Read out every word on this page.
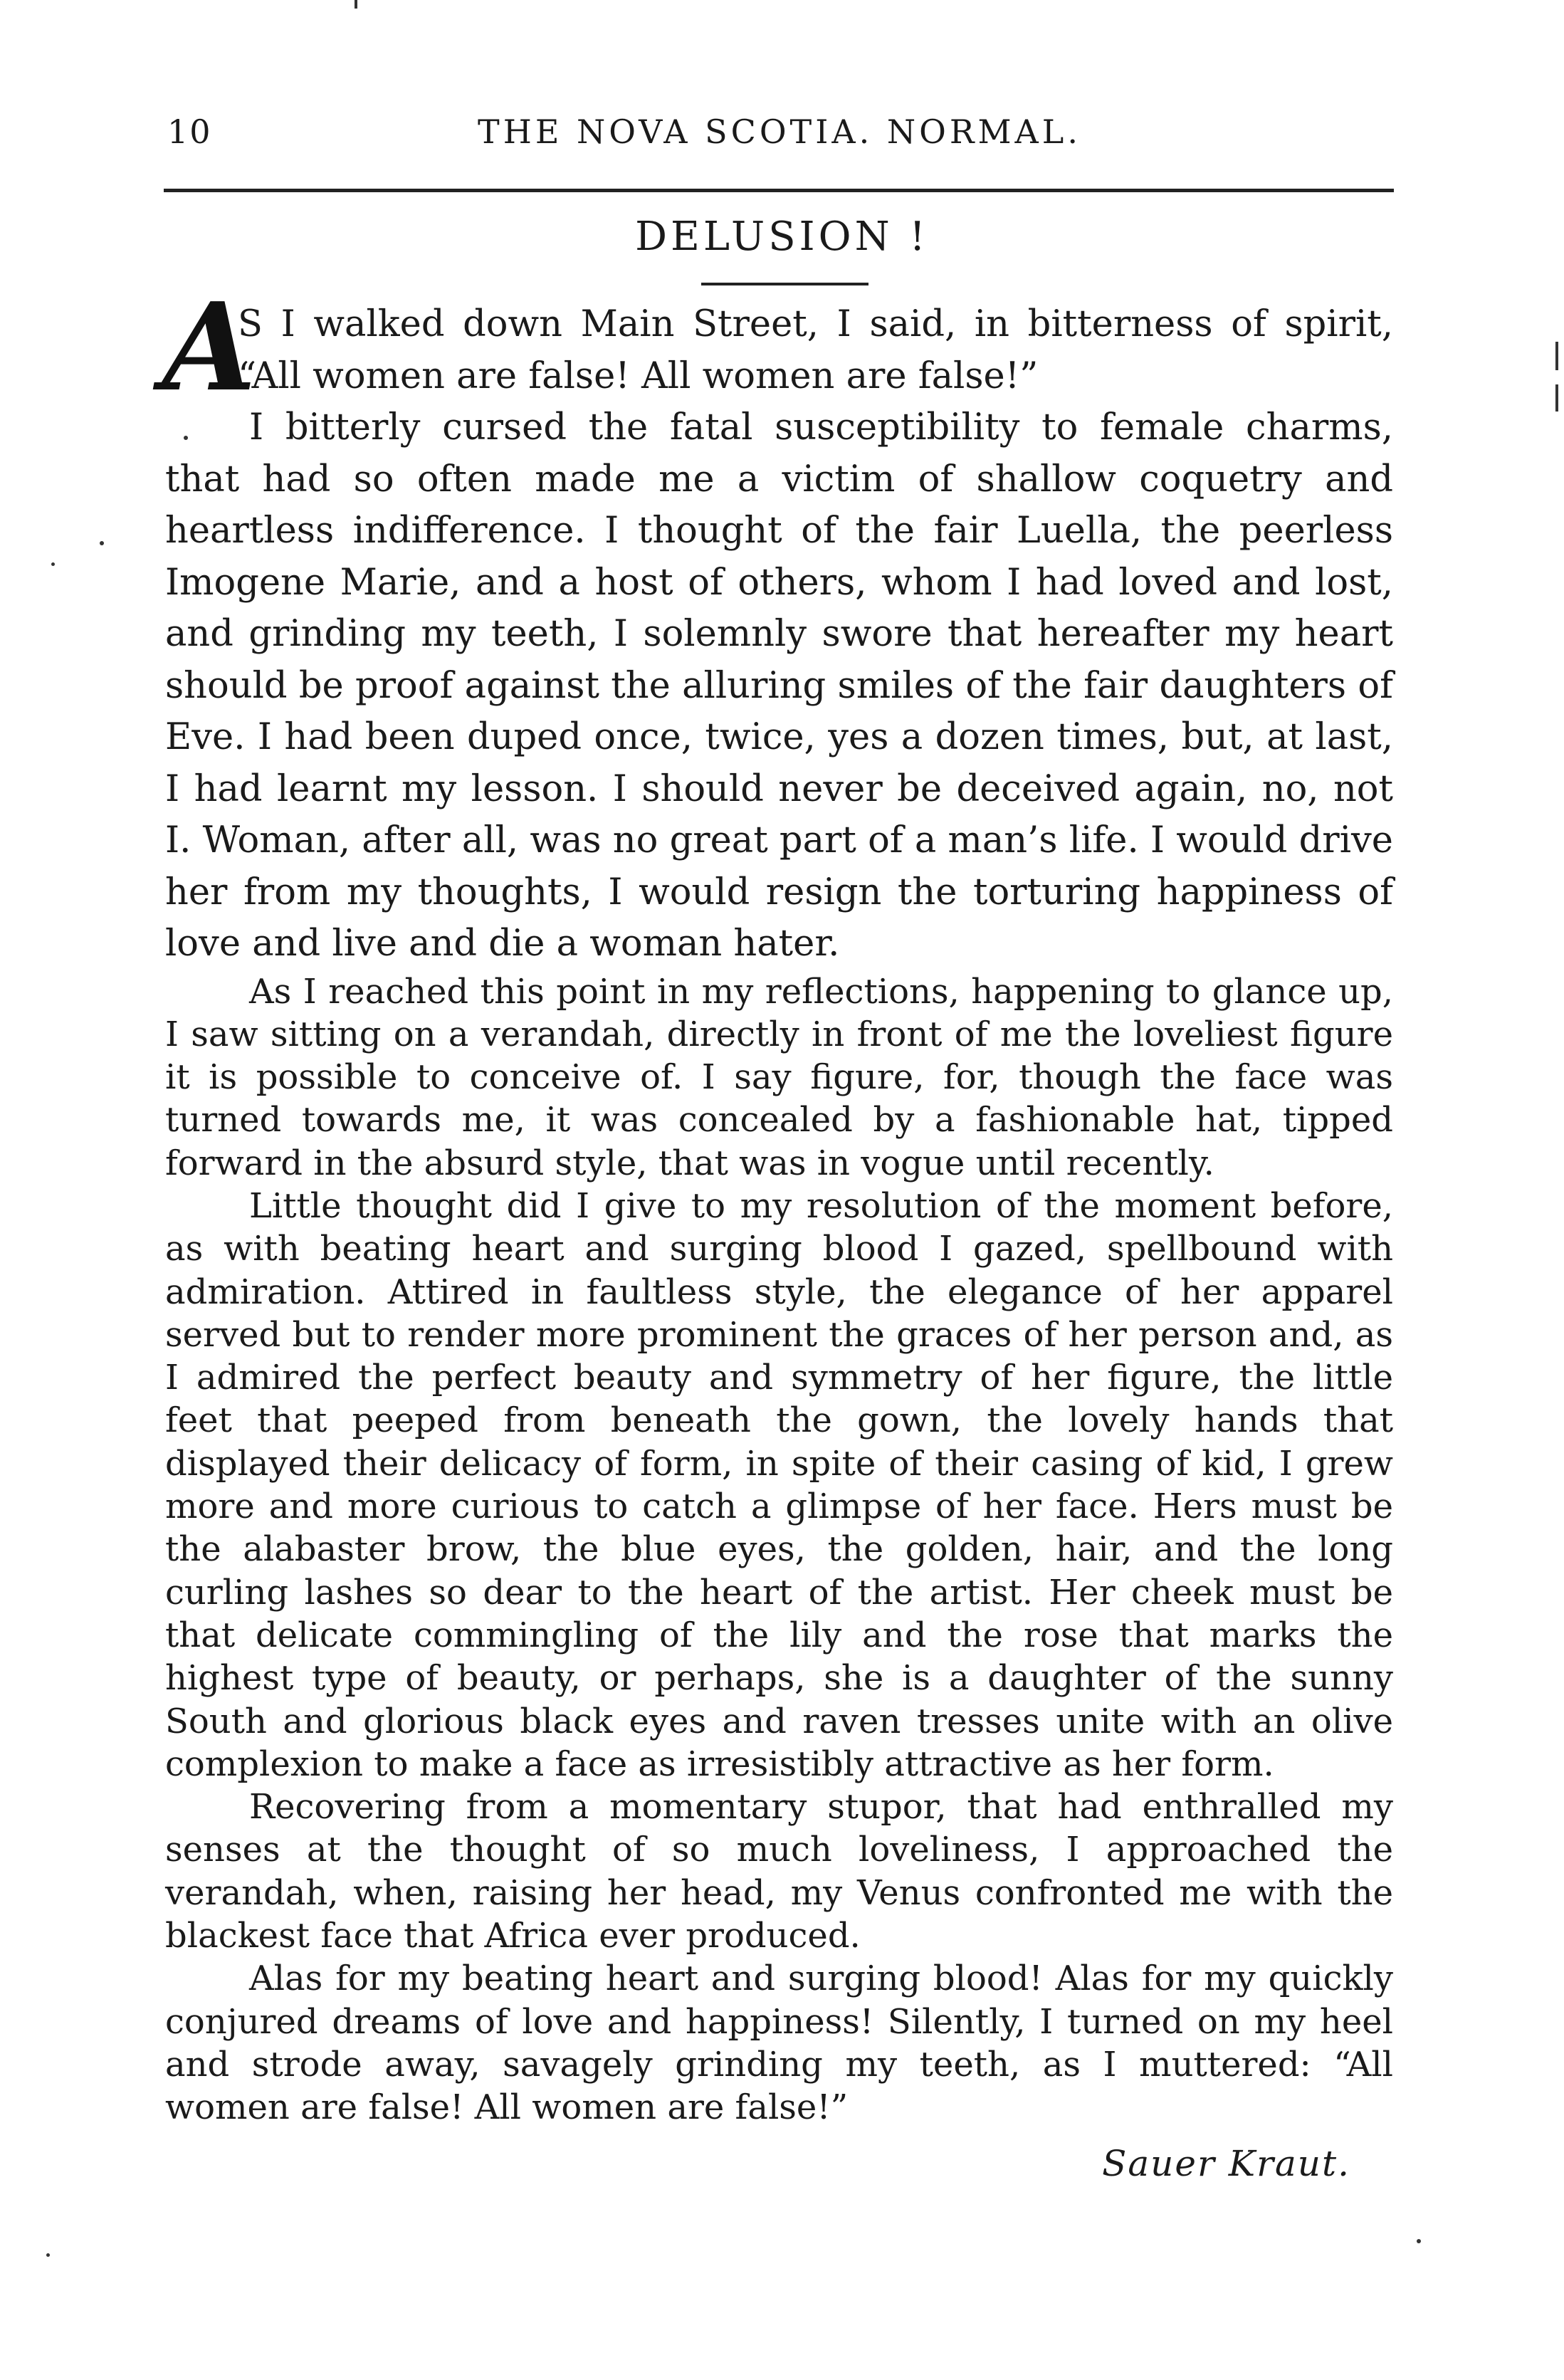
10	THE NOVA SCOTIA. NORMAL.
DELUSION !

A
S I walked down Main Street, I said, in bitterness of spirit, “All women are false! All women are false!”

I bitterly cursed the fatal susceptibility to female charms, that had so often made me a victim of shallow coquetry and heartless indifference. I thought of the fair Luella, the peerless Imogene Marie, and a host of others, whom I had loved and lost, and grinding my teeth, I solemnly swore that hereafter my heart should be proof against the alluring smiles of the fair daughters of Eve. I had been duped once, twice, yes a dozen times, but, at last, I had learnt my lesson. I should never be deceived again, no, not I. Woman, after all, was no great part of a man’s life. I would drive her from my thoughts, I would resign the torturing happiness of love and live and die a woman hater.

As I reached this point in my reflections, happening to glance up, I saw sitting on a verandah, directly in front of me the loveliest figure it is possible to conceive of. I say figure, for, though the face was turned towards me, it was concealed by a fashionable hat, tipped forward in the absurd style, that was in vogue until recently.

Little thought did I give to my resolution of the moment before, as with beating heart and surging blood I gazed, spellbound with admiration. Attired in faultless style, the elegance of her apparel served but to render more prominent the graces of her person and, as I admired the perfect beauty and symmetry of her figure, the little feet that peeped from beneath the gown, the lovely hands that displayed their delicacy of form, in spite of their casing of kid, I grew more and more curious to catch a glimpse of her face. Hers must be the alabaster brow, the blue eyes, the golden, hair, and the long curling lashes so dear to the heart of the artist. Her cheek must be that delicate commingling of the lily and the rose that marks the highest type of beauty, or perhaps, she is a daughter of the sunny South and glorious black eyes and raven tresses unite with an olive complexion to make a face as irresistibly attractive as her form.

Recovering from a momentary stupor, that had enthralled my senses at the thought of so much loveliness, I approached the verandah, when, raising her head, my Venus confronted me with the blackest face that Africa ever produced.

Alas for my beating heart and surging blood! Alas for my quickly conjured dreams of love and happiness! Silently, I turned on my heel and strode away, savagely grinding my teeth, as I muttered: “All women are false! All women are false!”

Sauer Kraut.
